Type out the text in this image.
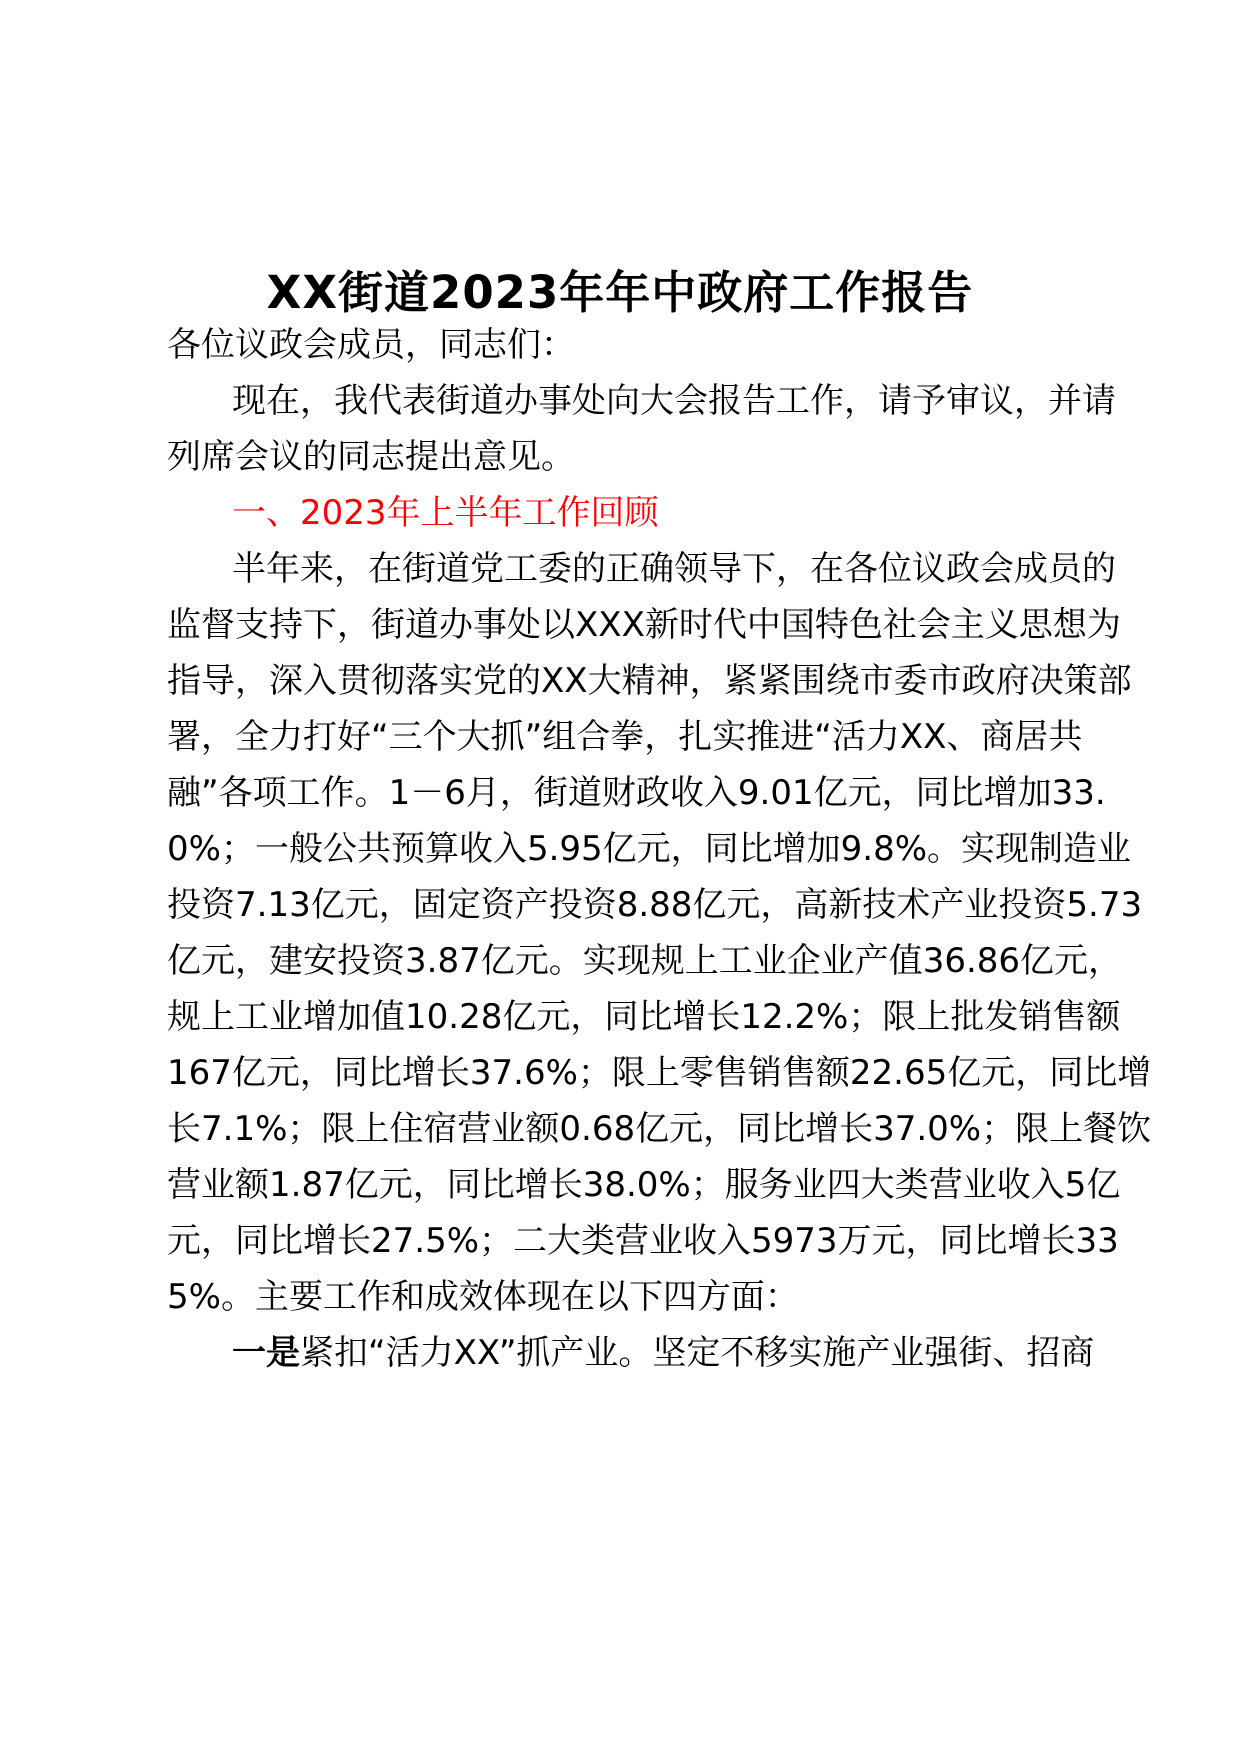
XX街道2023年年中政府工作报告
各位议政会成员，同志们：
现在，我代表街道办事处向大会报告工作，请予审议，并请
列席会议的同志提出意见。
一、2023年上半年工作回顾
半年来，在街道党工委的正确领导下，在各位议政会成员的
监督支持下，街道办事处以XXX新时代中国特色社会主义思想为
指导，深入贯彻落实党的XX大精神，紧紧围绕市委市政府决策部
署，全力打好“三个大抓”组合拳，扎实推进“活力XX、商居共
融”各项工作。1－6月，街道财政收入9.01亿元，同比增加33.
0%；一般公共预算收入5.95亿元，同比增加9.8%。实现制造业
投资7.13亿元，固定资产投资8.88亿元，高新技术产业投资5.73
亿元，建安投资3.87亿元。实现规上工业企业产值36.86亿元，
规上工业增加值10.28亿元，同比增长12.2%；限上批发销售额
167亿元，同比增长37.6%；限上零售销售额22.65亿元，同比增
长7.1%；限上住宿营业额0.68亿元，同比增长37.0%；限上餐饮
营业额1.87亿元，同比增长38.0%；服务业四大类营业收入5亿
元，同比增长27.5%；二大类营业收入5973万元，同比增长33
5%。主要工作和成效体现在以下四方面：
一是紧扣“活力XX”抓产业。坚定不移实施产业强街、招商
